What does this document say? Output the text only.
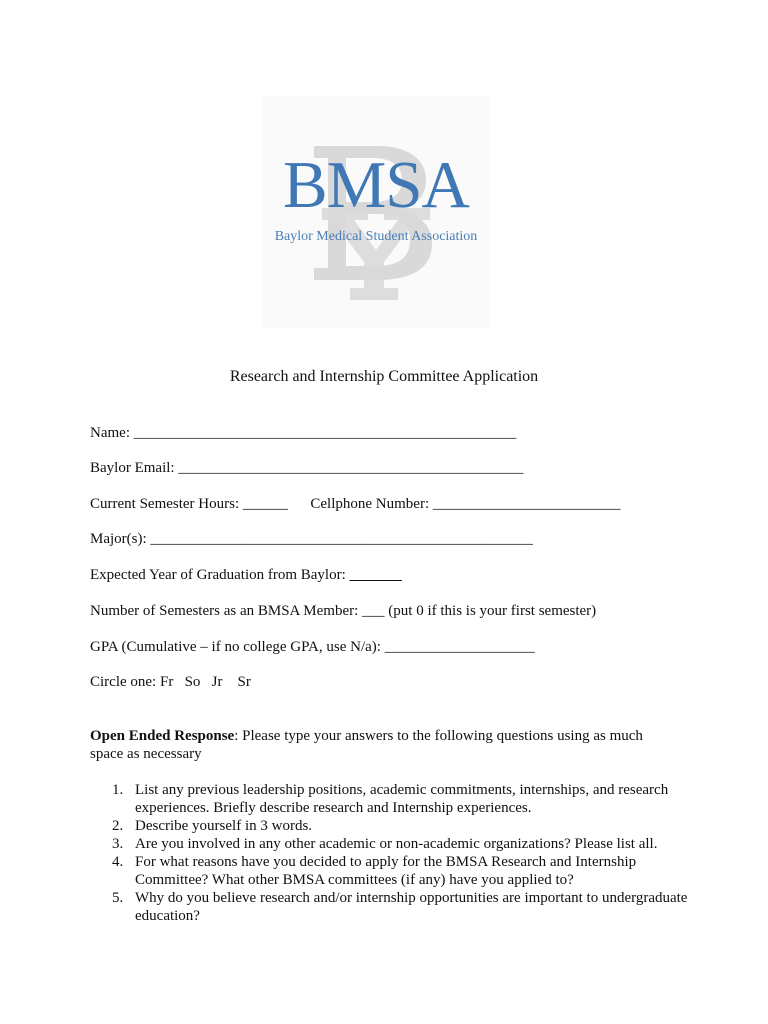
BMSA
Baylor Medical Student Association
Research and Internship Committee Application
Name: ___________________________________________________
Baylor Email: ______________________________________________
Current Semester Hours: ______      Cellphone Number: _________________________
Major(s): ___________________________________________________
Expected Year of Graduation from Baylor:
Number of Semesters as an BMSA Member: ___ (put 0 if this is your first semester)
GPA (Cumulative – if no college GPA, use N/a): ____________________
Circle one: Fr   So   Jr    Sr
Open Ended Response: Please type your answers to the following questions using as much space as necessary
1. List any previous leadership positions, academic commitments, internships, and research experiences. Briefly describe research and Internship experiences.
2. Describe yourself in 3 words.
3. Are you involved in any other academic or non-academic organizations? Please list all.
4. For what reasons have you decided to apply for the BMSA Research and Internship Committee? What other BMSA committees (if any) have you applied to?
5. Why do you believe research and/or internship opportunities are important to undergraduate education?
